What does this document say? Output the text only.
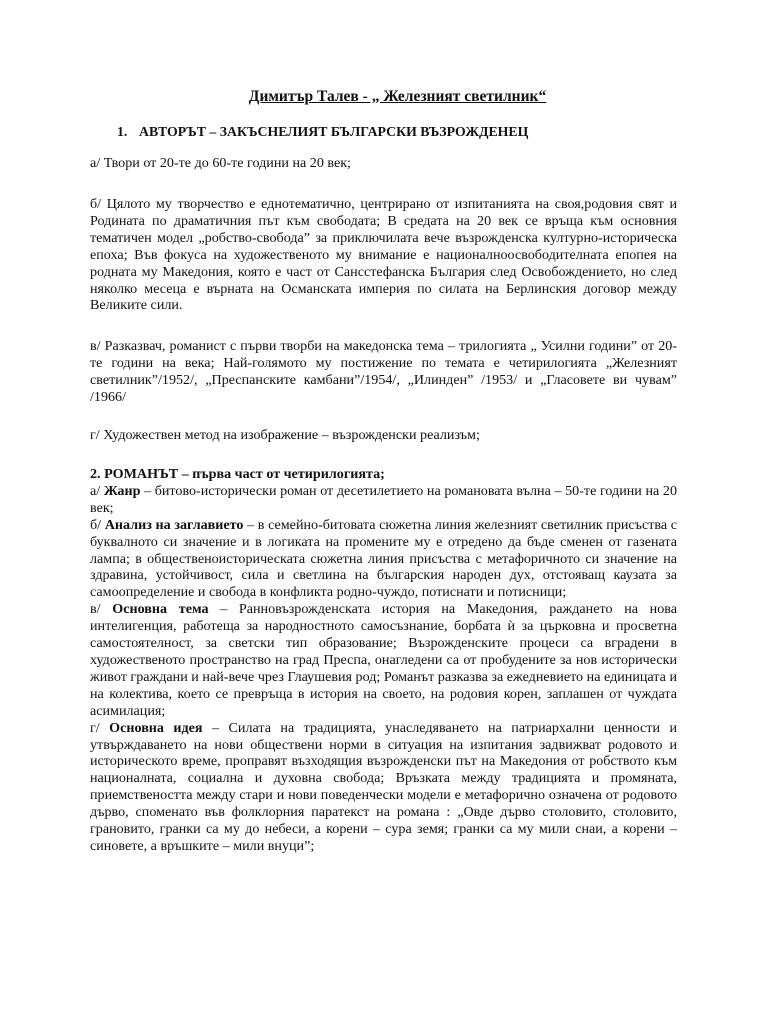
Димитър Талев - „ Железният светилник“
1. АВТОРЪТ – ЗАКЪСНЕЛИЯТ БЪЛГАРСКИ ВЪЗРОЖДЕНЕЦ

а/ Твори от 20-те до 60-те години на 20 век;

б/ Цялото му творчество е еднотематично, центрирано от изпитанията на своя,родовия свят и Родината по драматичния път към свободата; В средата на 20 век се връща към основния тематичен модел „робство-свобода” за приключилата вече възрожденска културно-историческа епоха; Във фокуса на художественото му внимание е националноосвободителната епопея на родната му Македония, която е част от Сансстефанска България след Освобождението, но след няколко месеца е върната на Османската империя по силата на Берлинския договор между Великите сили.

в/ Разказвач, романист с първи творби на македонска тема – трилогията „ Усилни години” от 20-те години на века; Най-голямото му постижение по темата е четирилогията „Железният светилник”/1952/, „Преспанските камбани”/1954/, „Илинден” /1953/ и „Гласовете ви чувам” /1966/

г/ Художествен метод на изображение – възрожденски реализъм;

2. РОМАНЪТ – първа част от четирилогията;

а/ Жанр – битово-исторически роман от десетилетието на романовата вълна – 50-те години на 20 век;

б/ Анализ на заглавието – в семейно-битовата сюжетна линия железният светилник присъства с буквалното си значение и в логиката на промените му е отредено да бъде сменен от газената лампа; в общественоисторическата сюжетна линия присъства с метафоричното си значение на здравина, устойчивост, сила и светлина на българския народен дух, отстояващ каузата за самоопределение и свобода в конфликта родно-чуждо, потиснати и потисници;

в/ Основна тема – Ранновъзрожденската история на Македония, раждането на нова интелигенция, работеща за народностното самосъзнание, борбата ѝ за църковна и просветна самостоятелност, за светски тип образование; Възрожденските процеси са вградени в художественото пространство на град Преспа, онагледени са от пробудените за нов исторически живот граждани и най-вече чрез Глаушевия род; Романът разказва за ежедневието на единицата и на колектива, което се превръща в история на своето, на родовия корен, заплашен от чуждата асимилация;

г/ Основна идея – Силата на традицията, унаследяването на патриархални ценности и утвърждаването на нови обществени норми в ситуация на изпитания задвижват родовото и историческото време, проправят възходящия възрожденски път на Македония от робството към националната, социална и духовна свобода; Връзката между традицията и промяната, приемствеността между стари и нови поведенчески модели е метафорично означена от родовото дърво, споменато във фолклорния паратекст на романа : „Овде дърво столовито, столовито, грановито, гранки са му до небеси, а корени – сура земя; гранки са му мили снаи, а корени – синовете, а връшките – мили внуци”;
